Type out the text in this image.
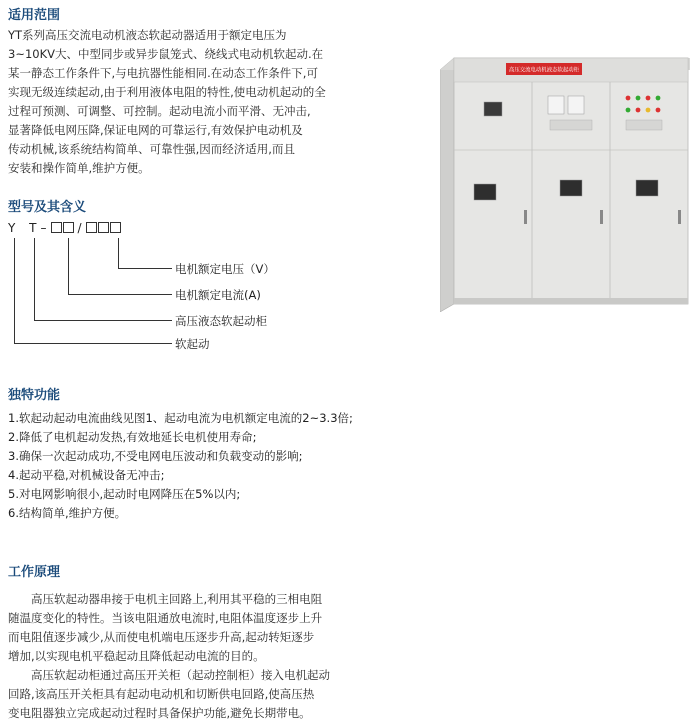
适用范围

YT系列高压交流电动机液态软起动器适用于额定电压为
3~10KV大、中型同步或异步鼠笼式、绕线式电动机软起动.在
某一静态工作条件下,与电抗器性能相同.在动态工作条件下,可
实现无级连续起动,由于利用液体电阻的特性,使电动机起动的全
过程可预测、可调整、可控制。起动电流小而平滑、无冲击,
显著降低电网压降,保证电网的可靠运行,有效保护电动机及
传动机械,该系统结构简单、可靠性强,因而经济适用,而且
安装和操作简单,维护方便。

型号及其含义
Y T –	/
电机额定电压（V）
电机额定电流(A)
高压液态软起动柜
软起动
独特功能
1.软起动起动电流曲线见图1、起动电流为电机额定电流的2~3.3倍;
2.降低了电机起动发热,有效地延长电机使用寿命;
3.确保一次起动成功,不受电网电压波动和负载变动的影响;
4.起动平稳,对机械设备无冲击;
5.对电网影响很小,起动时电网降压在5%以内;
6.结构简单,维护方便。
工作原理

　　高压软起动器串接于电机主回路上,利用其平稳的三相电阻
随温度变化的特性。当该电阻通放电流时,电阻体温度逐步上升
而电阻值逐步减少,从而使电机端电压逐步升高,起动转矩逐步
增加,以实现电机平稳起动且降低起动电流的目的。
　　高压软起动柜通过高压开关柜（起动控制柜）接入电机起动
回路,该高压开关柜具有起动电动机和切断供电回路,使高压热
变电阻器独立完成起动过程时具备保护功能,避免长期带电。

高压交流电动机液态软起动柜
